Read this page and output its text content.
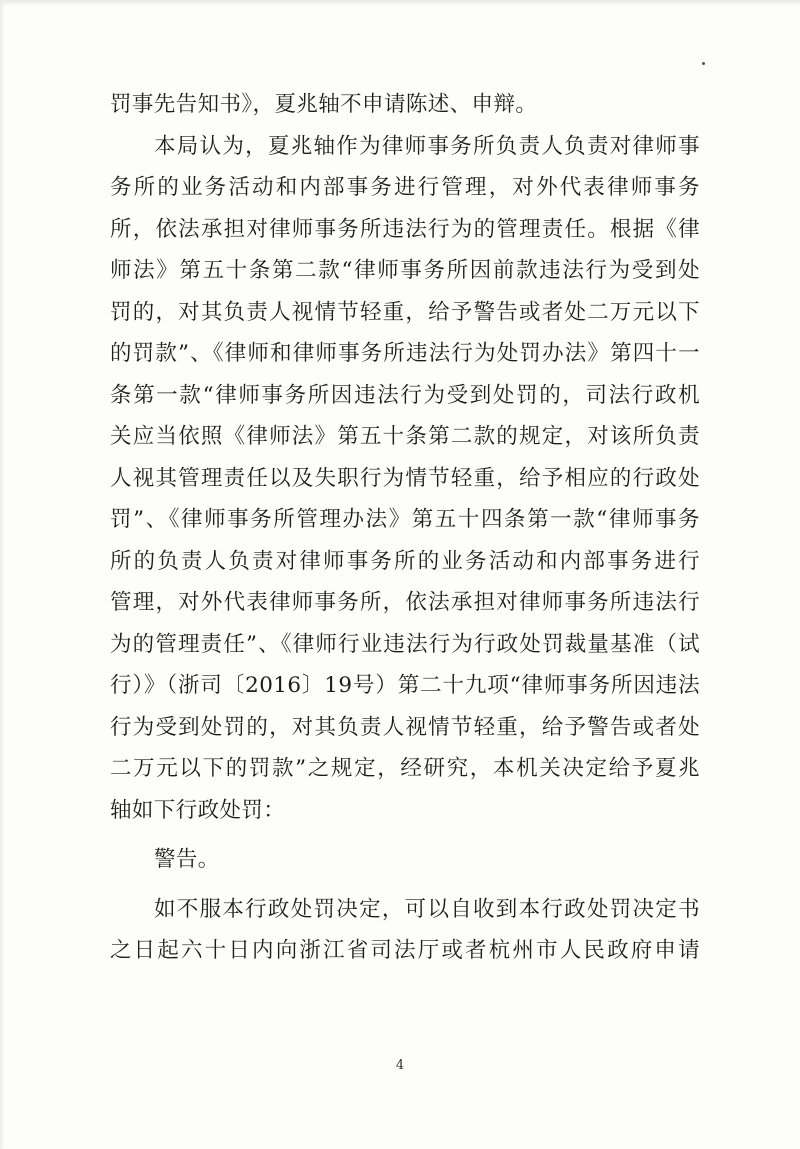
罚事先告知书》，夏兆轴不申请陈述、申辩。
本局认为，夏兆轴作为律师事务所负责人负责对律师事
务所的业务活动和内部事务进行管理，对外代表律师事务
所，依法承担对律师事务所违法行为的管理责任。根据《律
师法》第五十条第二款“律师事务所因前款违法行为受到处
罚的，对其负责人视情节轻重，给予警告或者处二万元以下
的罚款”、《律师和律师事务所违法行为处罚办法》第四十一
条第一款“律师事务所因违法行为受到处罚的，司法行政机
关应当依照《律师法》第五十条第二款的规定，对该所负责
人视其管理责任以及失职行为情节轻重，给予相应的行政处
罚”、《律师事务所管理办法》第五十四条第一款“律师事务
所的负责人负责对律师事务所的业务活动和内部事务进行
管理，对外代表律师事务所，依法承担对律师事务所违法行
为的管理责任”、《律师行业违法行为行政处罚裁量基准（试
行）》（浙司〔2016〕19号）第二十九项“律师事务所因违法
行为受到处罚的，对其负责人视情节轻重，给予警告或者处
二万元以下的罚款”之规定，经研究，本机关决定给予夏兆
轴如下行政处罚：
警告。
如不服本行政处罚决定，可以自收到本行政处罚决定书
之日起六十日内向浙江省司法厅或者杭州市人民政府申请
4
